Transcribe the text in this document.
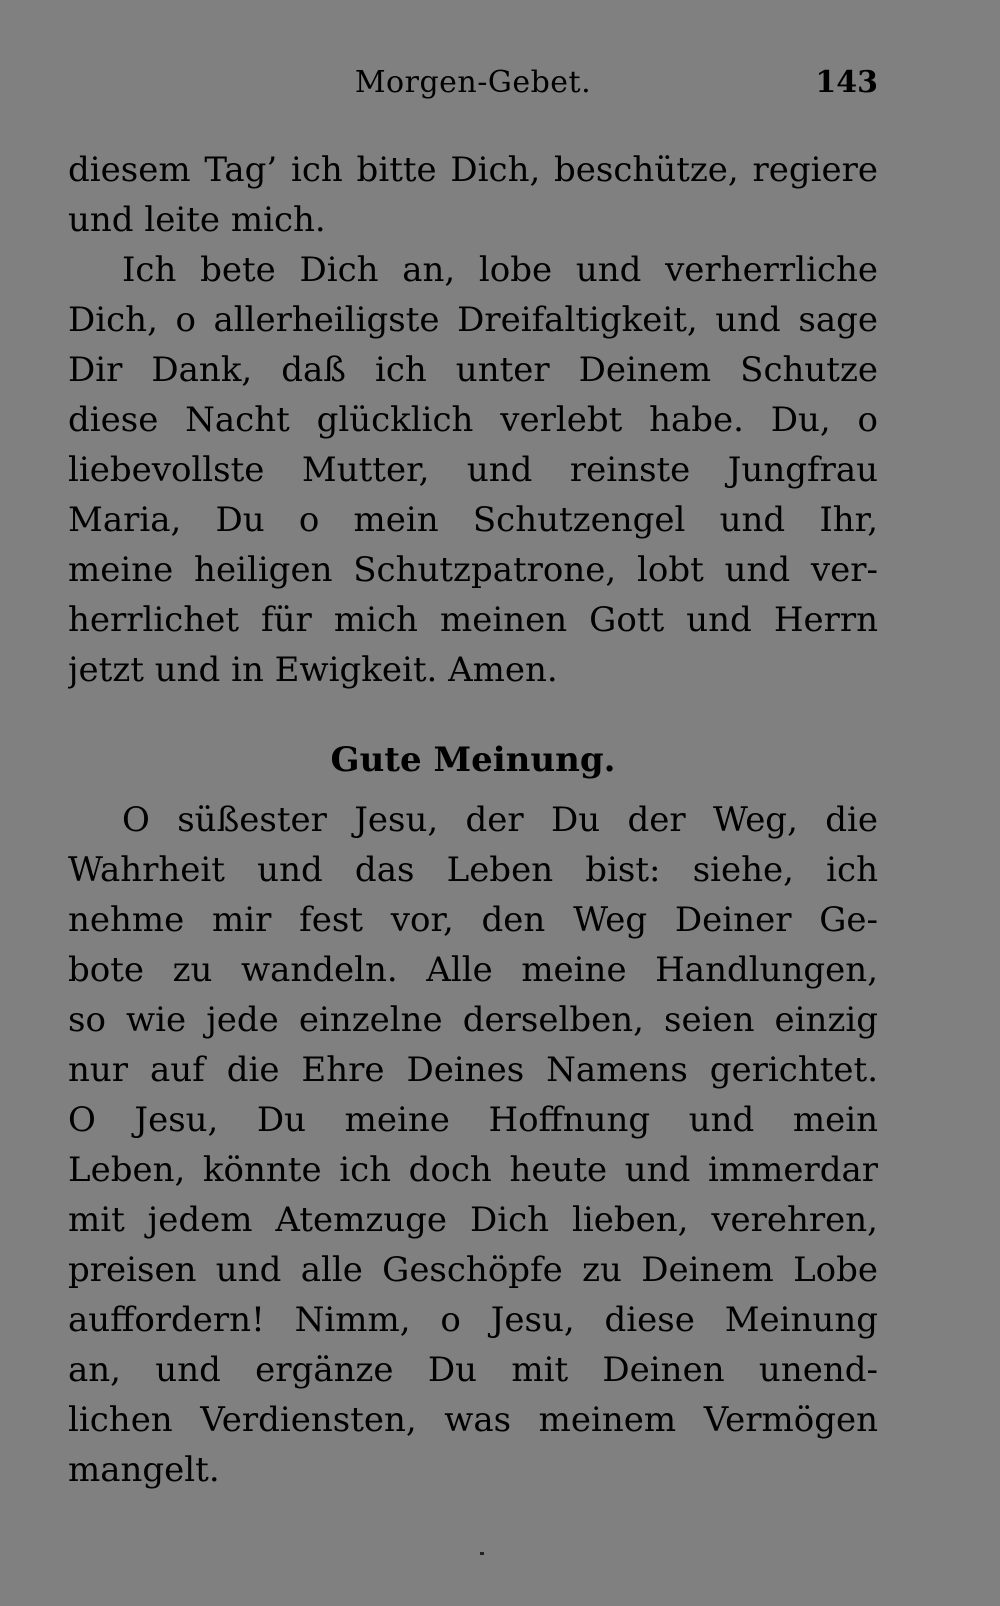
Morgen-Gebet.	143
diesem Tag’ ich bitte Dich, beschütze, regiere
und leite mich.
Ich bete Dich an, lobe und verherrliche
Dich, o allerheiligste Dreifaltigkeit, und sage
Dir Dank, daß ich unter Deinem Schutze
diese Nacht glücklich verlebt habe. Du, o
liebevollste Mutter, und reinste Jungfrau
Maria, Du o mein Schutzengel und Ihr,
meine heiligen Schutzpatrone, lobt und ver-
herrlichet für mich meinen Gott und Herrn
jetzt und in Ewigkeit. Amen.
Gute Meinung.
O süßester Jesu, der Du der Weg, die
Wahrheit und das Leben bist: siehe, ich
nehme mir fest vor, den Weg Deiner Ge-
bote zu wandeln. Alle meine Handlungen,
so wie jede einzelne derselben, seien einzig
nur auf die Ehre Deines Namens gerichtet.
O Jesu, Du meine Hoffnung und mein
Leben, könnte ich doch heute und immerdar
mit jedem Atemzuge Dich lieben, verehren,
preisen und alle Geschöpfe zu Deinem Lobe
auffordern! Nimm, o Jesu, diese Meinung
an, und ergänze Du mit Deinen unend-
lichen Verdiensten, was meinem Vermögen
mangelt.
